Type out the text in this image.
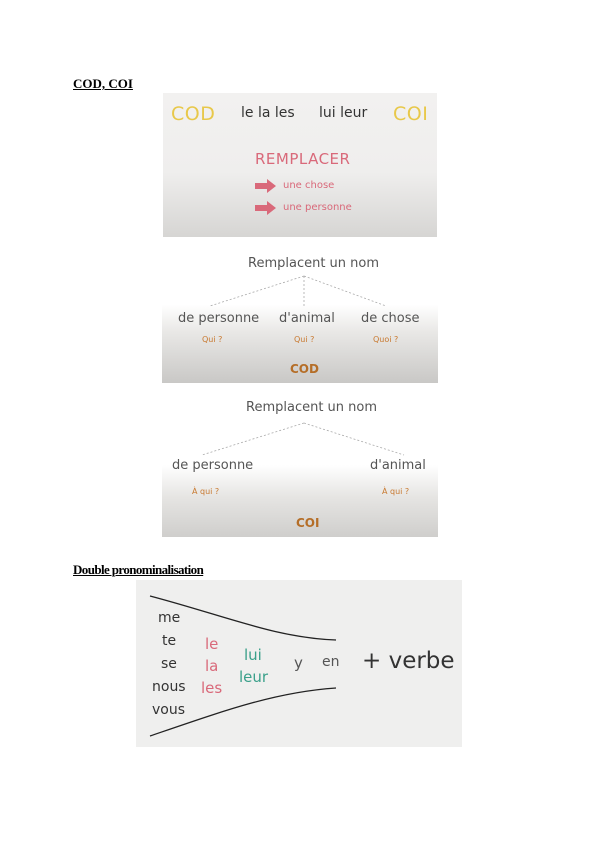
COD, COI
COD le la les lui leur COI
REMPLACER
une chose
une personne
Remplacent un nom
de personne d'animal de chose
Qui ?	Qui ?	Quoi ?
COD
Remplacent un nom
de personne	d'animal
À qui ?	À qui ?
COI
Double pronominalisation
me
te
se
nous
vous
le
la
les
lui
leur
y en + verbe
